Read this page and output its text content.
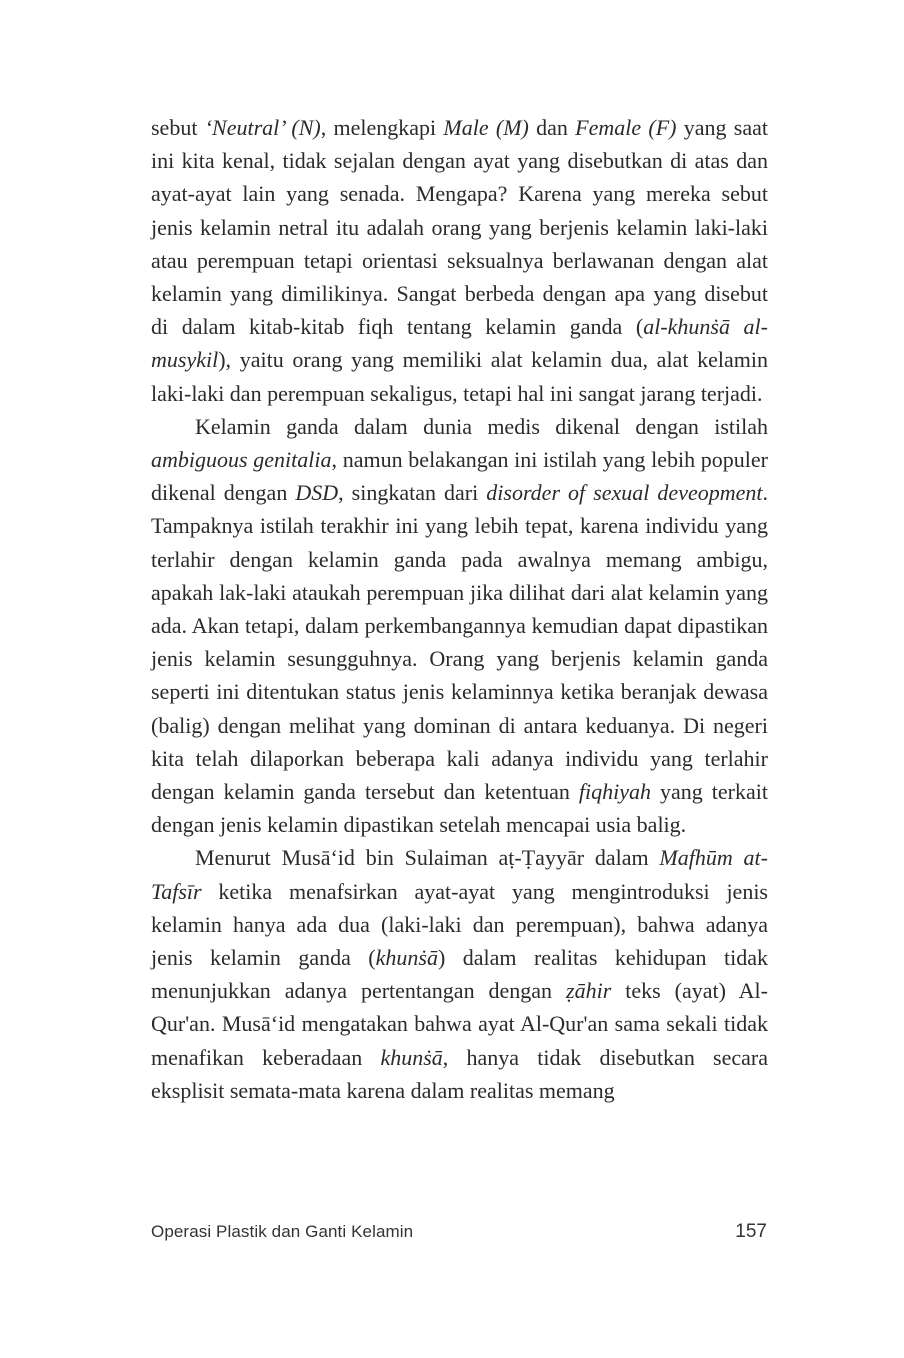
sebut ‘Neutral’ (N), melengkapi Male (M) dan Female (F) yang saat ini kita kenal, tidak sejalan dengan ayat yang disebutkan di atas dan ayat-ayat lain yang senada. Mengapa? Karena yang mereka sebut jenis kelamin netral itu adalah orang yang berjenis kelamin laki-laki atau perempuan tetapi orientasi seksualnya berlawanan dengan alat kelamin yang dimilikinya. Sangat berbeda dengan apa yang disebut di dalam kitab-kitab fiqh tentang kelamin ganda (al-khunṡā al-musykil), yaitu orang yang memiliki alat kelamin dua, alat kelamin laki-laki dan perempuan sekaligus, tetapi hal ini sangat jarang terjadi.

Kelamin ganda dalam dunia medis dikenal dengan istilah ambiguous genitalia, namun belakangan ini istilah yang lebih populer dikenal dengan DSD, singkatan dari disorder of sexual deveopment. Tampaknya istilah terakhir ini yang lebih tepat, karena individu yang terlahir dengan kelamin ganda pada awalnya memang ambigu, apakah lak-laki ataukah perempuan jika dilihat dari alat kelamin yang ada. Akan tetapi, dalam perkembangannya kemudian dapat dipastikan jenis kelamin sesungguhnya. Orang yang berjenis kelamin ganda seperti ini ditentukan status jenis kelaminnya ketika beranjak dewasa (balig) dengan melihat yang dominan di antara keduanya. Di negeri kita telah dilaporkan beberapa kali adanya individu yang terlahir dengan kelamin ganda tersebut dan ketentuan fiqhiyah yang terkait dengan jenis kelamin dipastikan setelah mencapai usia balig.

Menurut Musā‘id bin Sulaiman aṭ-Ṭayyār dalam Mafhūm at-Tafsīr ketika menafsirkan ayat-ayat yang mengintroduksi jenis kelamin hanya ada dua (laki-laki dan perempuan), bahwa adanya jenis kelamin ganda (khunṡā) dalam realitas kehidupan tidak menunjukkan adanya pertentangan dengan ẓāhir teks (ayat) Al-Qur'an. Musā‘id mengatakan bahwa ayat Al-Qur'an sama sekali tidak menafikan keberadaan khunṡā, hanya tidak disebutkan secara eksplisit semata-mata karena dalam realitas memang

Operasi Plastik dan Ganti Kelamin	157
